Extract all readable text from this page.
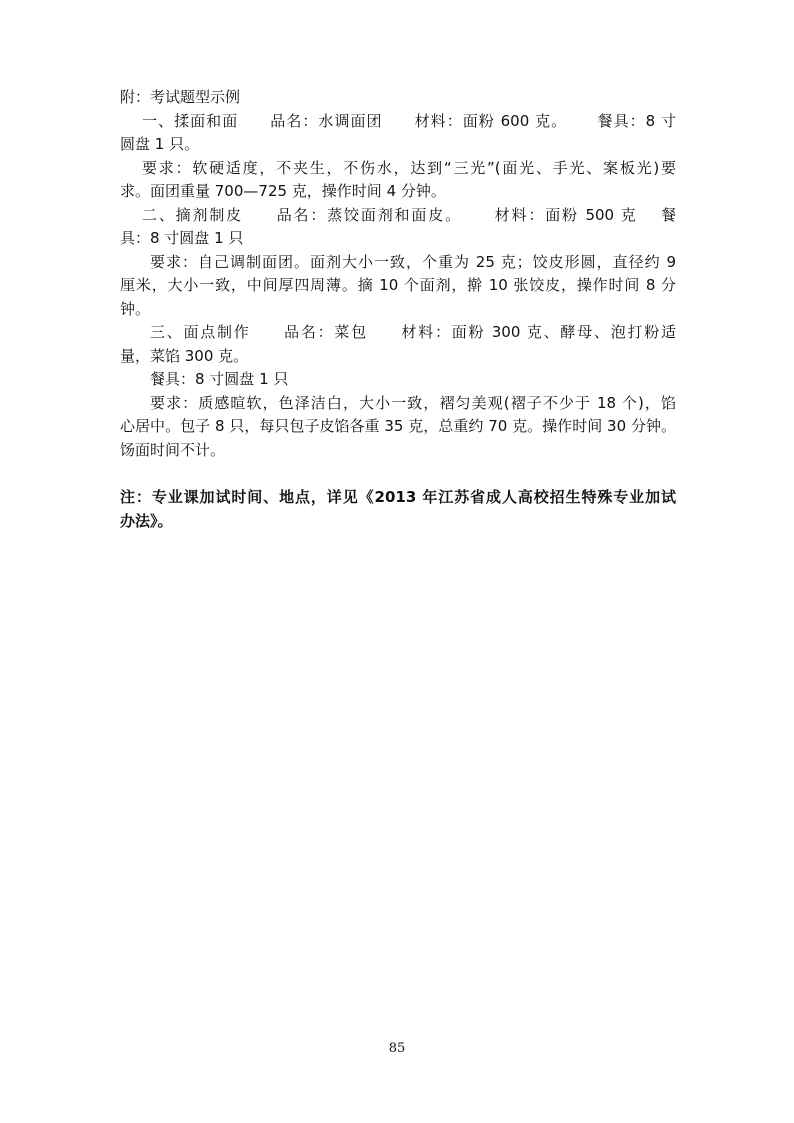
附：考试题型示例

一、揉面和面　　品名：水调面团　　材料：面粉 600 克。　　 餐具：8 寸

圆盘 1 只。

要求：软硬适度，不夹生，不伤水，达到“三光”(面光、手光、案板光)要

求。面团重量 700—725 克，操作时间 4 分钟。

二、摘剂制皮　　品名：蒸饺面剂和面皮。　　 材料：面粉 500 克　 餐

具：8 寸圆盘 1 只

要求：自己调制面团。面剂大小一致，个重为 25 克；饺皮形圆，直径约 9

厘米，大小一致，中间厚四周薄。摘 10 个面剂，擀 10 张饺皮，操作时间 8 分

钟。

三、面点制作　　品名：菜包　　材料：面粉 300 克、酵母、泡打粉适

量，菜馅 300 克。

餐具：8 寸圆盘 1 只

要求：质感暄软，色泽洁白，大小一致，褶匀美观(褶子不少于 18 个)，馅

心居中。包子 8 只，每只包子皮馅各重 35 克，总重约 70 克。操作时间 30 分钟。

饧面时间不计。

注：专业课加试时间、地点，详见《2013 年江苏省成人高校招生特殊专业加试

办法》。

85
